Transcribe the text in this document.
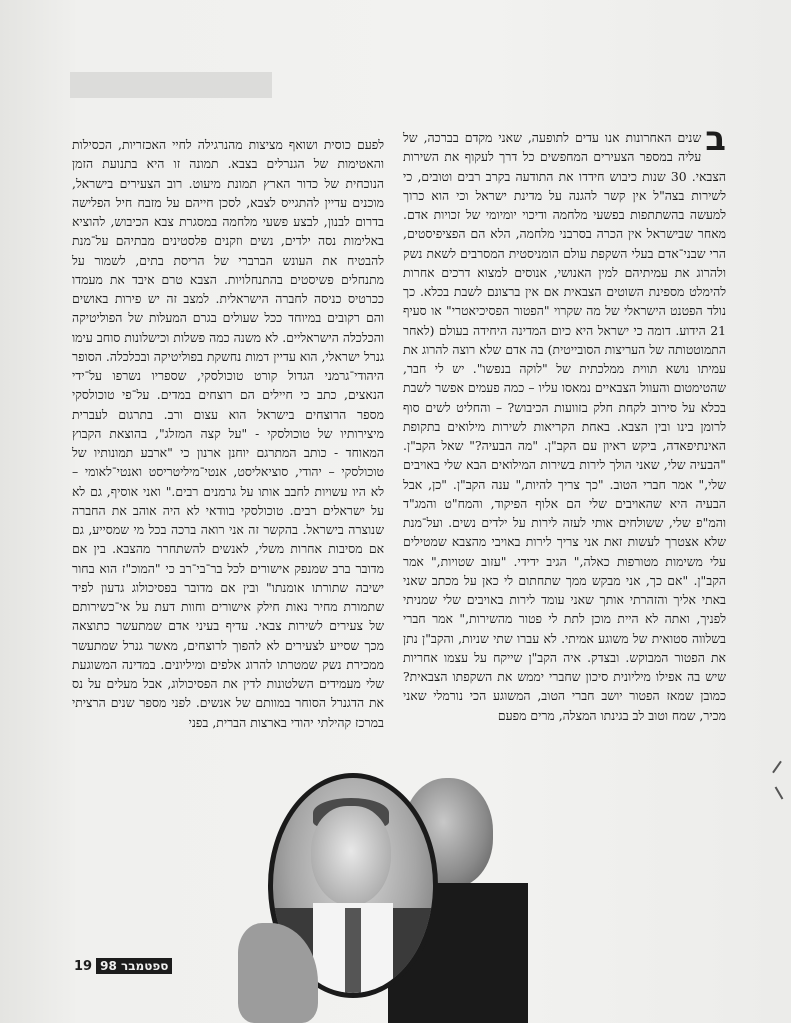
ב

שנים האחרונות אנו עדים לתופעה, שאני מקדם בברכה, של עליה במספר הצעירים המחפשים כל דרך לעקוף את השירות הצבאי. 30 שנות כיבוש חידדו את התודעה בקרב רבים וטובים, כי לשירות בצה"ל אין קשר להגנה על מדינת ישראל וכי הוא כרוך למעשה בהשתתפות בפשעי מלחמה ודיכוי יומיומי של זכויות אדם. מאחר שבישראל אין הכרה בסרבני מלחמה, הלא הם הפציפיסטים, הרי שבני־אדם בעלי השקפת עולם הומניסטית המסרבים לשאת נשק ולהרוג את עמיתיהם למין האנושי, אנוסים למצוא דרכים אחרות להימלט מספינת השוטים הצבאית אם אין ברצונם לשבת בכלא. כך נולד הפטנט הישראלי של מה שקרוי "הפטור הפסיכיאטרי" או סעיף 21 הידוע. דומה כי ישראל היא כיום המדינה היחידה בעולם (לאחר התמוטטותה של העריצות הסובייטית) בה אדם שלא רוצה להרוג את עמיתו נושא תווית ממלכתית של "לוקה בנפשו". יש לי חבר, שהטימטום והעוול הצבאיים נמאסו עליו – כמה פעמים אפשר לשבת בכלא על סירוב לקחת חלק בזוועות הכיבוש? – והחליט לשים סוף לרומן בינו ובין הצבא. באחת הקריאות לשירות מילואים בתקופת האינתיפאדה, ביקש ראיון עם הקב"ן. "מה הבעיה?" שאל הקב"ן. "הבעיה שלי, שאני הולך לירות בשירות המילואים הבא שלי באויבים שלי," אמר חברי הטוב. "כך צריך להיות," ענה הקב"ן. "כן, אבל הבעיה היא שהאויבים שלי הם אלוף הפיקוד, והמח"ט והמג"ד והמ"פ שלי, ששולחים אותי לעזה לירות על ילדים נשים. ועל־מנת שלא אצטרך לעשות זאת אני צריך לירות באויבי מהצבא שמטילים עלי משימות מטורפות כאלה," הגיב ידידי. "עזוב שטויות," אמר הקב"ן. "אם כך, אני מבקש ממך שתחתום לי כאן על מכתב שאני באתי אליך והזהרתי אותך שאני עומד לירות באויבים שלי שמניתי לפניך, ואתה לא היית מוכן לתת לי פטור מהשירות," אמר חברי בשלווה סטואית של משוגע אמיתי. לא עברו שתי שניות, והקב"ן נתן את הפטור המבוקש. ובצדק. איה הקב"ן שייקח על עצמו אחריות שיש בה אפילו מיליונית סיכון שחברי יממש את השקפתו הצבאית? כמובן שמאז הפטור יושב חברי הטוב, המשוגע הכי נורמלי שאני מכיר, שמח וטוב לב בגינתו המצלה, מרים מפעם

לפעם כוסית ושואף מציצות מהנרגילה לחיי האכזריות, הכסילות והאטימות של הגנרלים בצבא. תמונה זו היא בתנועת הזמן הנוכחית של כדור הארץ תמונת מיעוט. רוב הצעירים בישראל, מוכנים עדיין להתגייס לצבא, לסכן חייהם על מזבח חיל הפלישה בדרום לבנון, לבצע פשעי מלחמה במסגרת צבא הכיבוש, להוציא באלימות נסה ילדים, נשים וזקנים פלסטינים מבתיהם על־מנת להבטיח את העונש הברברי של הריסת בתים, לשמור על מתנחלים פשיסטים בהתנחלויות. הצבא טרם איבד את מעמדו ככרטיס כניסה לחברה הישראלית. למצב זה יש פירות באושים והם רקובים במיוחד ככל שעולים בגרם המעלות של הפוליטיקה והכלכלה הישראליים. לא משנה כמה פשלות וכישלונות סוחב עימו גנרל ישראלי, הוא עדיין דמות נחשקת בפוליטיקה ובכלכלה. הסופר היהודי־גרמני הגדול קורט טוכולסקי, שספריו נשרפו על־ידי הנאצים, כתב כי חיילים הם רוצחים במדים. על־פי טוכולסקי מספר הרוצחים בישראל הוא עצום ורב. בתרגום לעברית מיצירותיו של טוכולסקי - "על קצה המזלג", בהוצאת הקבוץ המאוחד - כותב המתרגם יוחנן ארנון כי "ארבע תמונותיו של טוכולסקי – יהודי, סוציאליסט, אנטי־מיליטריסט ואנטי־לאומי – לא היו עשויות לחבב אותו על גרמנים רבים." ואני אוסיף, גם לא על ישראלים רבים. טוכולסקי בוודאי לא היה אוהב את החברה שנוצרה בישראל. בהקשר זה אני רואה ברכה בכל מי שמסייע, גם אם מסיבות אחרות משלי, לאנשים להשתחרר מהצבא. בין אם מדובר ברב שמנפק אישורים לכל בר־בי־רב כי "המוכ"ז הוא בחור ישיבה שתורתו אומנתו" ובין אם מדובר בפסיכולוג גדעון לפיד שתמורת מחיר נאות חילק אישורים וחוות דעת על אי־כשירותם של צעירים לשירות צבאי. עדיף בעיני אדם שמתעשר כתוצאה מכך שסייע לצעירים לא להפוך לרוצחים, מאשר גנרל שמתעשר ממכירת נשק שמטרתו להרוג אלפים ומיליונים. במדינה המשוגעת שלי מעמידים השלטונות לדין את הפסיכולוג, אבל מעלים על נס את הדגנרל הסוחר במוותם של אנשים. לפני מספר שנים הרציתי במרכז קהילתי יהודי בארצות הברית, בפני

19 ספטמבר 98
